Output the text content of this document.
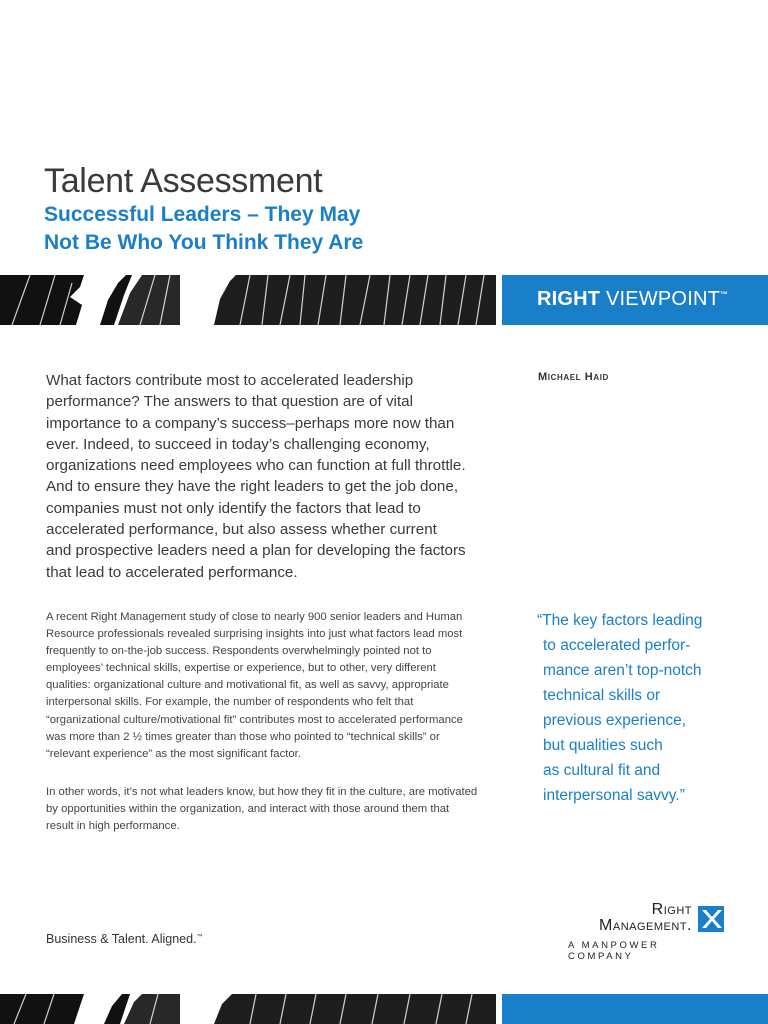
Talent Assessment
Successful Leaders – They May
Not Be Who You Think They Are
RIGHT VIEWPOINT™
Michael Haid

What factors contribute most to accelerated leadership performance? The answers to that question are of vital importance to a company’s success–perhaps more now than ever. Indeed, to succeed in today’s challenging economy, organizations need employees who can function at full throttle. And to ensure they have the right leaders to get the job done, companies must not only identify the factors that lead to accelerated performance, but also assess whether current and prospective leaders need a plan for developing the factors that lead to accelerated performance.

A recent Right Management study of close to nearly 900 senior leaders and Human Resource professionals revealed surprising insights into just what factors lead most frequently to on-the-job success. Respondents overwhelmingly pointed not to employees’ technical skills, expertise or experience, but to other, very different qualities: organizational culture and motivational fit, as well as savvy, appropriate interpersonal skills. For example, the number of respondents who felt that “organizational culture/motivational fit” contributes most to accelerated performance was more than 2 ½ times greater than those who pointed to “technical skills” or “relevant experience” as the most significant factor.

In other words, it’s not what leaders know, but how they fit in the culture, are motivated by opportunities within the organization, and interact with those around them that result in high performance.

“The key factors leading
to accelerated perfor-
mance aren’t top-notch
technical skills or
previous experience,
but qualities such
as cultural fit and
interpersonal savvy.”

Business & Talent. Aligned.™
Right
Management.
A MANPOWER COMPANY
